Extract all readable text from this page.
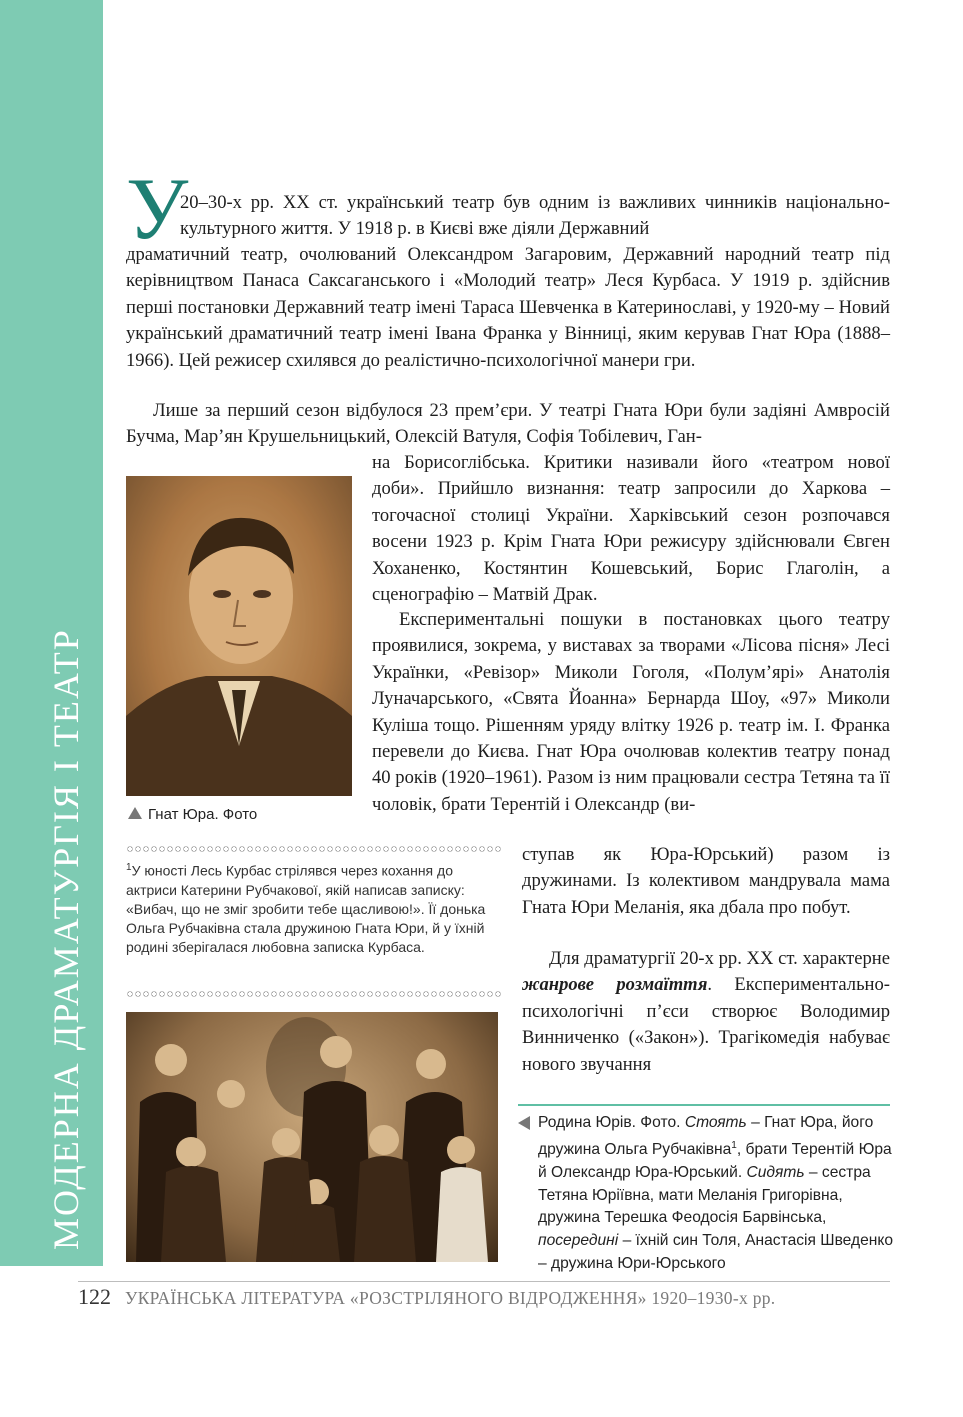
МОДЕРНА ДРАМАТУРГІЯ І ТЕАТР
У

20–30-х рр. XX ст. український театр був одним із важливих чинників національно-культурного життя. У 1918 р. в Києві вже діяли Державний

драматичний театр, очолюваний Олександром Загаровим, Державний народний театр під керівництвом Панаса Саксаганського і «Молодий театр» Леся Курбаса. У 1919 р. здійснив перші постановки Державний театр імені Тараса Шевченка в Катеринославі, у 1920-му – Новий український драматичний театр імені Івана Франка у Вінниці, яким керував Гнат Юра (1888–1966). Цей режисер схилявся до реалістично-психологічної манери гри.

Лише за перший сезон відбулося 23 прем’єри. У театрі Гната Юри були задіяні Амвросій Бучма, Мар’ян Крушельницький, Олексій Ватуля, Софія Тобілевич, Ган-

на Борисоглібська. Критики називали його «театром нової доби». Прийшло визнання: театр запросили до Харкова – тогочасної столиці України. Харківський сезон розпочався восени 1923 р. Крім Гната Юри режисуру здійснювали Євген Хоханенко, Костянтин Кошевський, Борис Глаголін, а сценографію – Матвій Драк.

Експериментальні пошуки в постановках цього театру проявилися, зокрема, у виставах за творами «Лісова пісня» Лесі Українки, «Ревізор» Миколи Гоголя, «Полум’ярі» Анатолія Луначарського, «Свята Йоанна» Бернарда Шоу, «97» Миколи Куліша тощо. Рішенням уряду влітку 1926 р. театр ім. І. Франка перевели до Києва. Гнат Юра очолював колектив театру понад 40 років (1920–1961). Разом із ним працювали сестра Тетяна та її чоловік, брати Терентій і Олександр (ви-

ступав як Юра-Юрський) разом із дружинами. Із колективом мандрувала мама Гната Юри Меланія, яка дбала про побут.

Для драматургії 20-х рр. XX ст. характерне жанрове розмаїття. Експериментально-психологічні п’єси створює Володимир Винниченко («Закон»). Трагікомедія набуває нового звучання

Гнат Юра. Фото
$^1$У юності Лесь Курбас стрілявся через кохання до актриси Катерини Рубчакової, якій написав записку: «Вибач, що не зміг зробити тебе щасливою!». Її донька Ольга Рубчаківна стала дружиною Гната Юри, й у їхній родині зберігалася любовна записка Курбаса.
Родина Юрів. Фото. Стоять – Гнат Юра, його дружина Ольга Рубчаківна$^1$, брати Терентій Юра й Олександр Юра-Юрський. Сидять – сестра Тетяна Юріївна, мати Меланія Григорівна, дружина Терешка Феодосія Барвінська, посередині – їхній син Толя, Анастасія Шведенко – дружина Юри-Юрського
122 УКРАЇНСЬКА ЛІТЕРАТУРА «РОЗСТРІЛЯНОГО ВІДРОДЖЕННЯ» 1920–1930-х рр.
